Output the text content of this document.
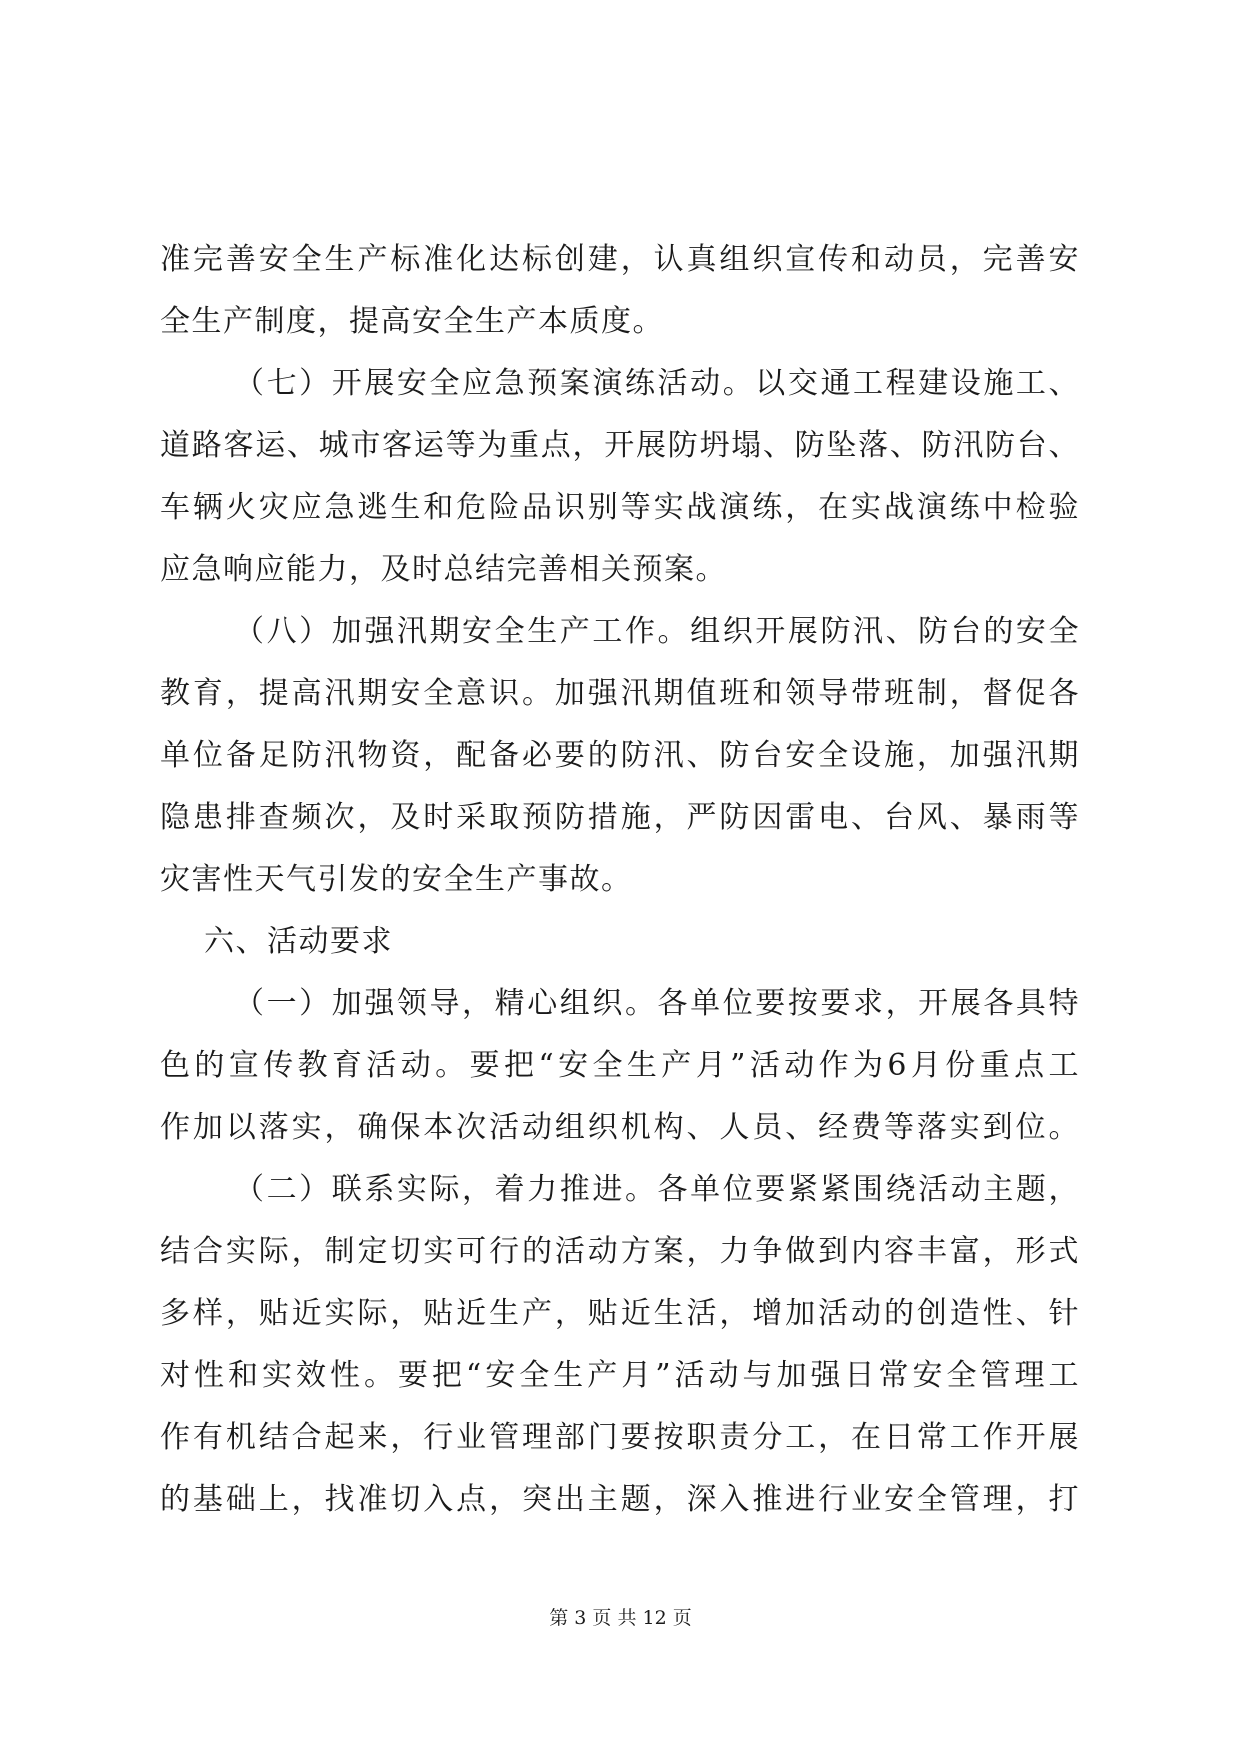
准完善安全生产标准化达标创建，认真组织宣传和动员，完善安
全生产制度，提高安全生产本质度。
（七）开展安全应急预案演练活动。以交通工程建设施工、
道路客运、城市客运等为重点，开展防坍塌、防坠落、防汛防台、
车辆火灾应急逃生和危险品识别等实战演练，在实战演练中检验
应急响应能力，及时总结完善相关预案。
（八）加强汛期安全生产工作。组织开展防汛、防台的安全
教育，提高汛期安全意识。加强汛期值班和领导带班制，督促各
单位备足防汛物资，配备必要的防汛、防台安全设施，加强汛期
隐患排查频次，及时采取预防措施，严防因雷电、台风、暴雨等
灾害性天气引发的安全生产事故。
六、活动要求
（一）加强领导，精心组织。各单位要按要求，开展各具特
色的宣传教育活动。要把“安全生产月”活动作为6月份重点工
作加以落实，确保本次活动组织机构、人员、经费等落实到位。
（二）联系实际，着力推进。各单位要紧紧围绕活动主题，
结合实际，制定切实可行的活动方案，力争做到内容丰富，形式
多样，贴近实际，贴近生产，贴近生活，增加活动的创造性、针
对性和实效性。要把“安全生产月”活动与加强日常安全管理工
作有机结合起来，行业管理部门要按职责分工，在日常工作开展
的基础上，找准切入点，突出主题，深入推进行业安全管理，打
第 3 页 共 12 页
